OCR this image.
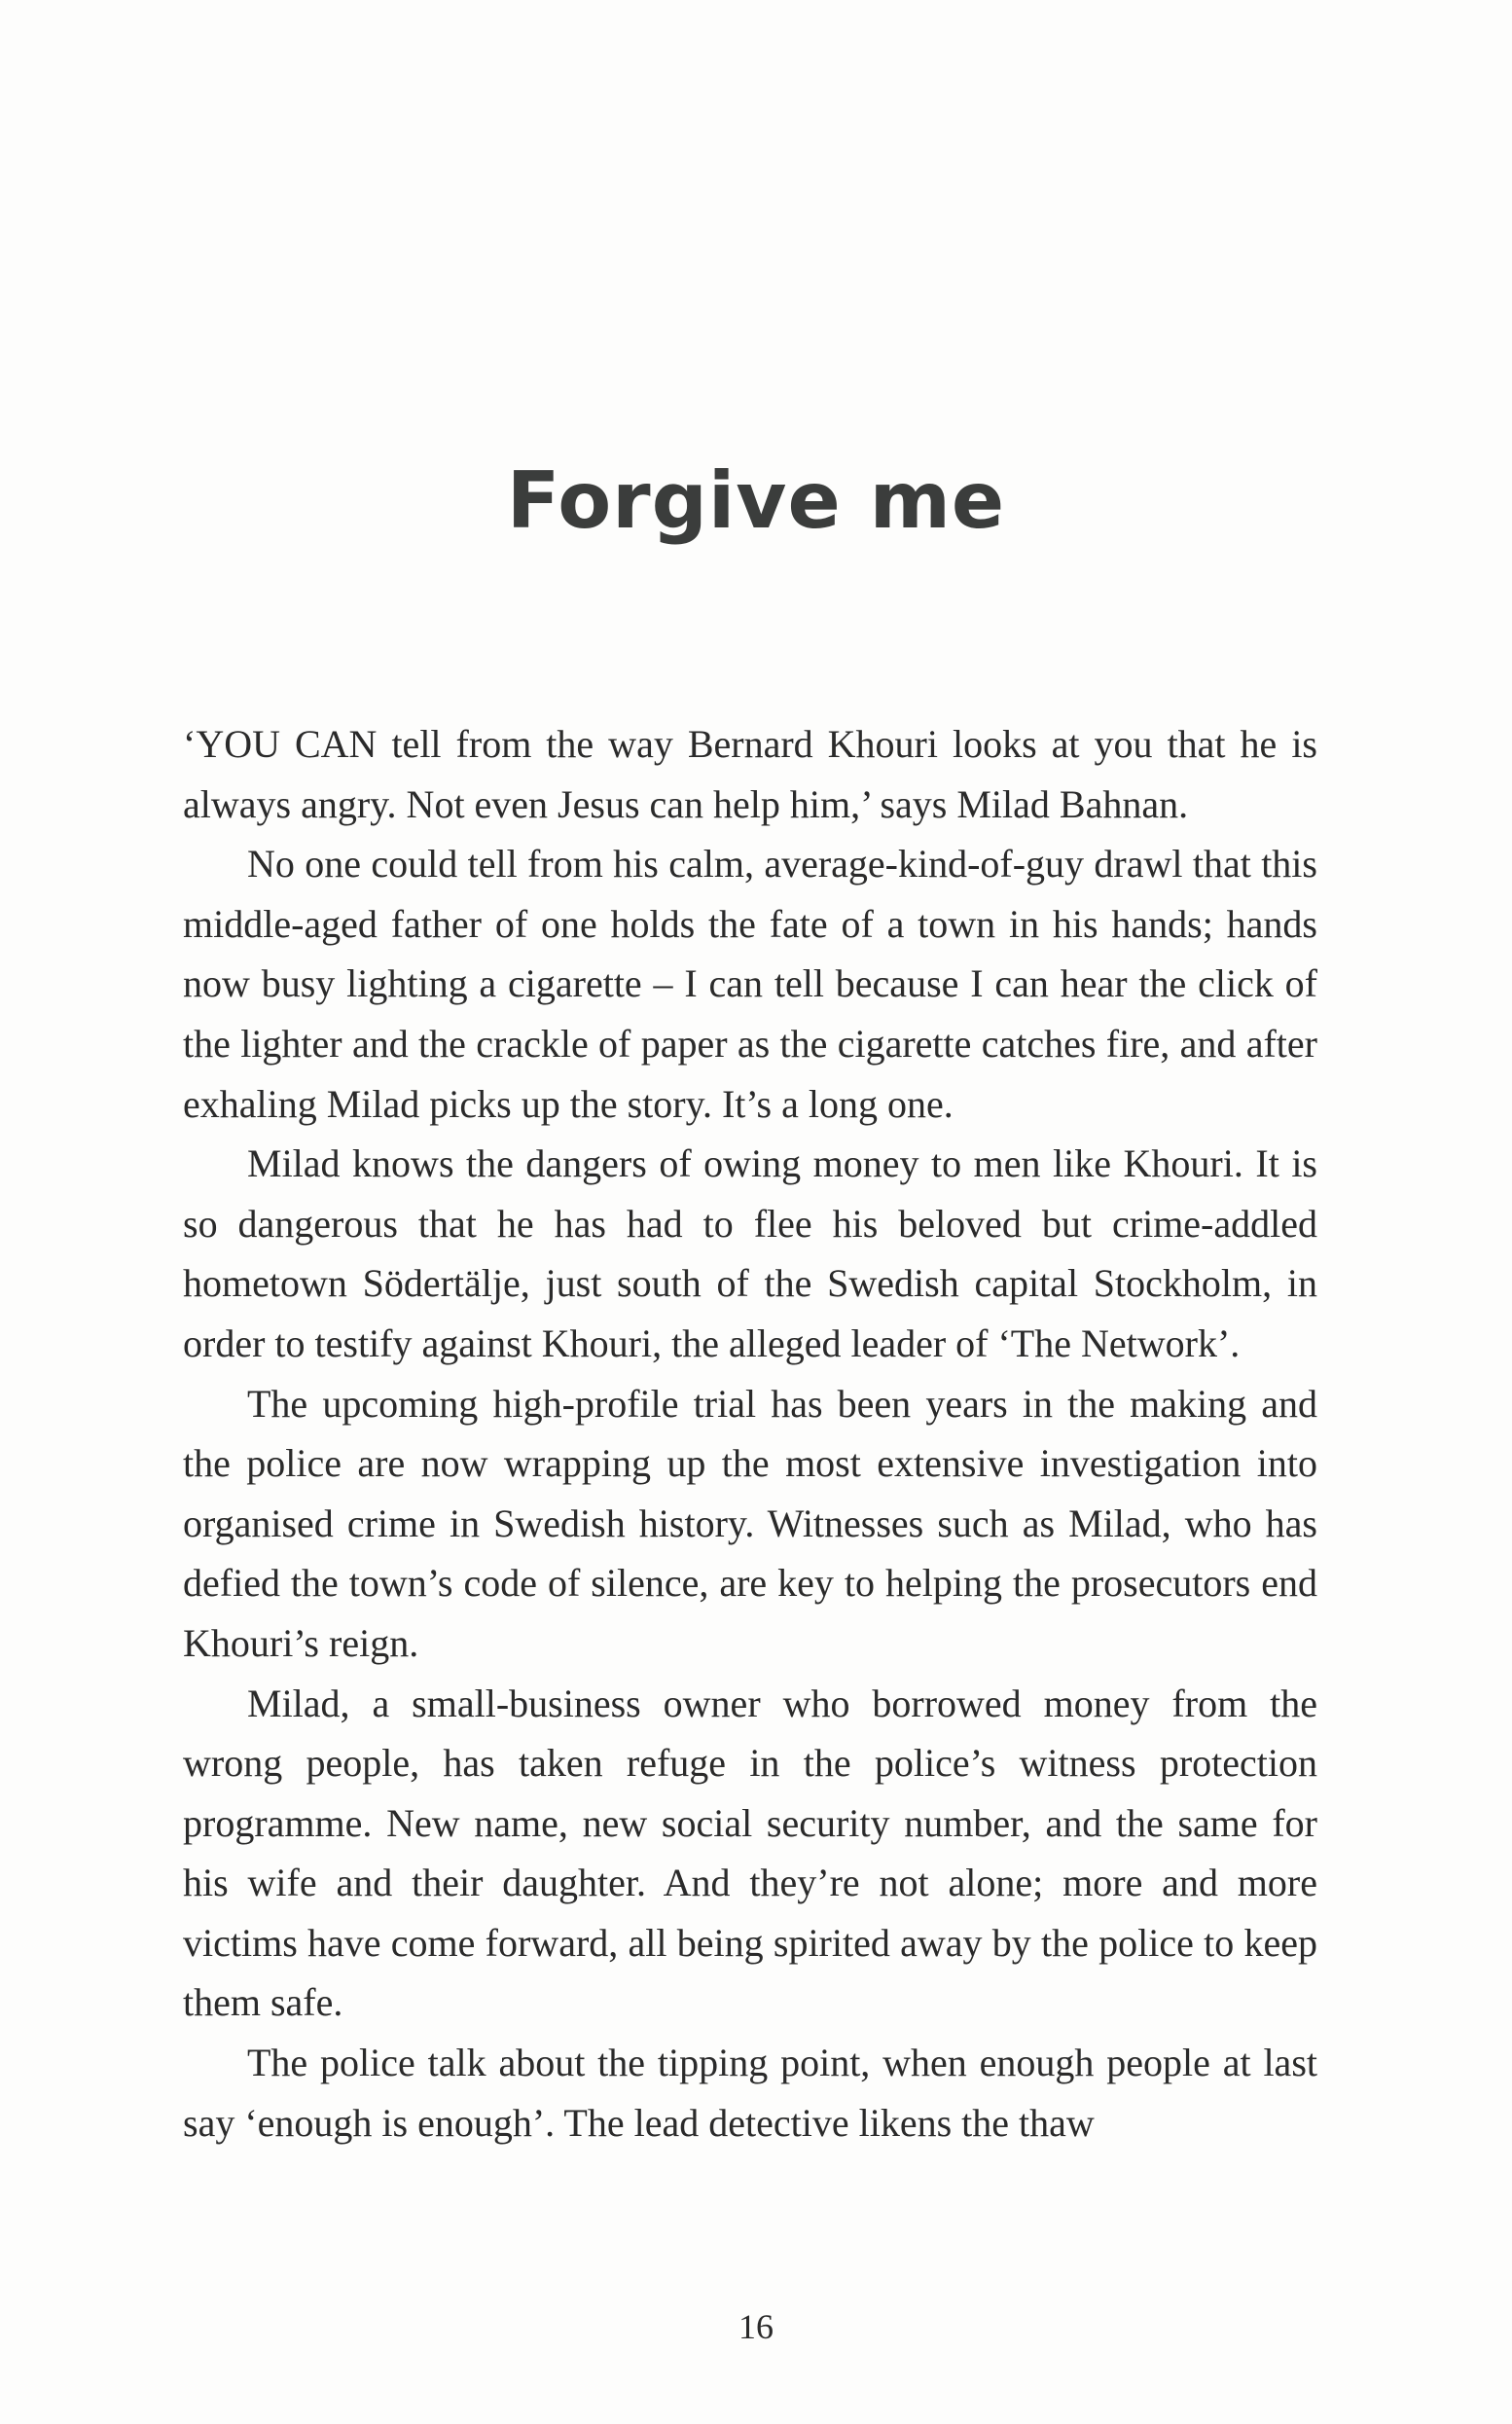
Forgive me

‘YOU CAN tell from the way Bernard Khouri looks at you that he is always angry. Not even Jesus can help him,’ says Milad Bahnan.

No one could tell from his calm, average-kind-of-guy drawl that this middle-aged father of one holds the fate of a town in his hands; hands now busy lighting a cigarette – I can tell because I can hear the click of the lighter and the crackle of paper as the cigarette catches fire, and after exhaling Milad picks up the story. It’s a long one.

Milad knows the dangers of owing money to men like Khouri. It is so dangerous that he has had to flee his beloved but crime-addled hometown Södertälje, just south of the Swedish capital Stockholm, in order to testify against Khouri, the alleged leader of ‘The Network’.

The upcoming high-profile trial has been years in the making and the police are now wrapping up the most extensive investigation into organised crime in Swedish history. Witnesses such as Milad, who has defied the town’s code of silence, are key to helping the prosecutors end Khouri’s reign.

Milad, a small-business owner who borrowed money from the wrong people, has taken refuge in the police’s witness protection programme. New name, new social security number, and the same for his wife and their daughter. And they’re not alone; more and more victims have come forward, all being spirited away by the police to keep them safe.

The police talk about the tipping point, when enough people at last say ‘enough is enough’. The lead detective likens the thaw

16
